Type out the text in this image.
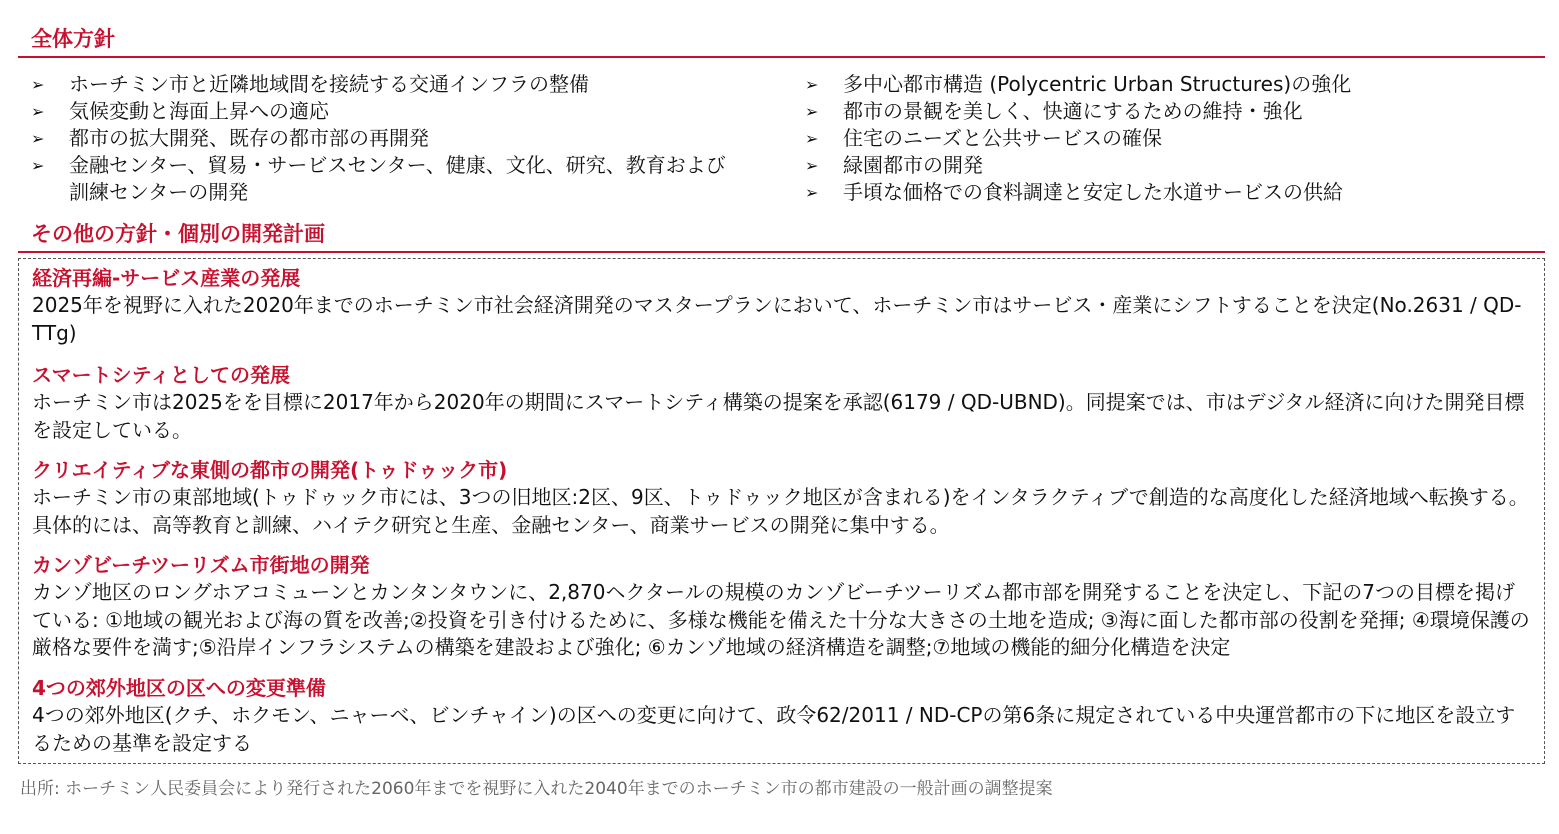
全体方針
➢ ホーチミン市と近隣地域間を接続する交通インフラの整備
➢ 気候変動と海面上昇への適応
➢ 都市の拡大開発、既存の都市部の再開発
➢ 金融センター、貿易・サービスセンター、健康、文化、研究、教育および
訓練センターの開発
➢ 多中心都市構造 (Polycentric Urban Structures)の強化
➢ 都市の景観を美しく、快適にするための維持・強化
➢ 住宅のニーズと公共サービスの確保
➢ 緑園都市の開発
➢ 手頃な価格での食料調達と安定した水道サービスの供給
その他の方針・個別の開発計画
経済再編-サービス産業の発展
2025年を視野に入れた2020年までのホーチミン市社会経済開発のマスタープランにおいて、ホーチミン市はサービス・産業にシフトすることを決定(No.2631 / QD-TTg)
スマートシティとしての発展
ホーチミン市は2025をを目標に2017年から2020年の期間にスマートシティ構築の提案を承認(6179 / QD-UBND)。同提案では、市はデジタル経済に向けた開発目標を設定している。
クリエイティブな東側の都市の開発(トゥドゥック市)
ホーチミン市の東部地域(トゥドゥック市には、3つの旧地区:2区、9区、トゥドゥック地区が含まれる)をインタラクティブで創造的な高度化した経済地域へ転換する。具体的には、高等教育と訓練、ハイテク研究と生産、金融センター、商業サービスの開発に集中する。
カンゾビーチツーリズム市街地の開発
カンゾ地区のロングホアコミューンとカンタンタウンに、2,870ヘクタールの規模のカンゾビーチツーリズム都市部を開発することを決定し、下記の7つの目標を掲げている: ①地域の観光および海の質を改善;②投資を引き付けるために、多様な機能を備えた十分な大きさの土地を造成; ③海に面した都市部の役割を発揮; ④環境保護の厳格な要件を満す;⑤沿岸インフラシステムの構築を建設および強化; ⑥カンゾ地域の経済構造を調整;⑦地域の機能的細分化構造を決定
4つの郊外地区の区への変更準備
4つの郊外地区(クチ、ホクモン、ニャーベ、ビンチャイン)の区への変更に向けて、政令62/2011 / ND-CPの第6条に規定されている中央運営都市の下に地区を設立するための基準を設定する
出所: ホーチミン人民委員会により発行された2060年までを視野に入れた2040年までのホーチミン市の都市建設の一般計画の調整提案
